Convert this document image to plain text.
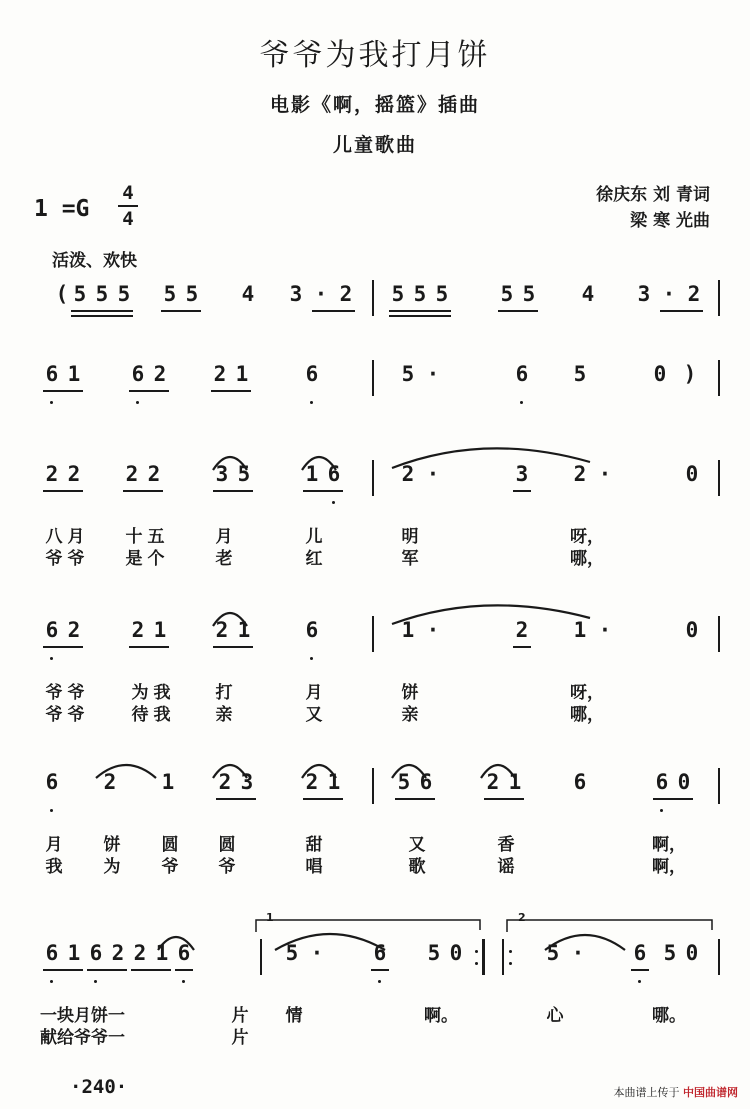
爷爷为我打月饼
电影《啊，摇篮》插曲
儿童歌曲
1 =G
4
4
徐庆东 刘 青词
梁 寒 光曲
活泼、欢快
( 5 5 5 5 5 4 3 · 2 5 5 5 5 5 4 3 · 2
6 1 6 2 2 1	6	5 ·	6 5	0 )
2 2 2 2	3 5	1 6	2 ·	3 2 ·	0
八 月 十 五	月	儿	明	呀，
爷 爷 是 个	老	红	军	哪，
6 2 2 1 2 1	6	1 ·	2 1 ·	0
爷 爷	为 我	打	月	饼	呀，
爷 爷	待 我	亲	又	亲	哪，
6 2 1 2 3 2 1	5 6	2 1 6	6 0
月 饼 圆 圆	甜	又	香	啊，
我 为 爷 爷	唱	歌	谣	啊，
6 1 6 2 2 1 6	5 · 6 5 0	5 · 6 5 0
一块月饼一	片 情	啊。	心	哪。
献给爷爷一	片
1	2
·240·	本曲谱上传于 中国曲谱网
